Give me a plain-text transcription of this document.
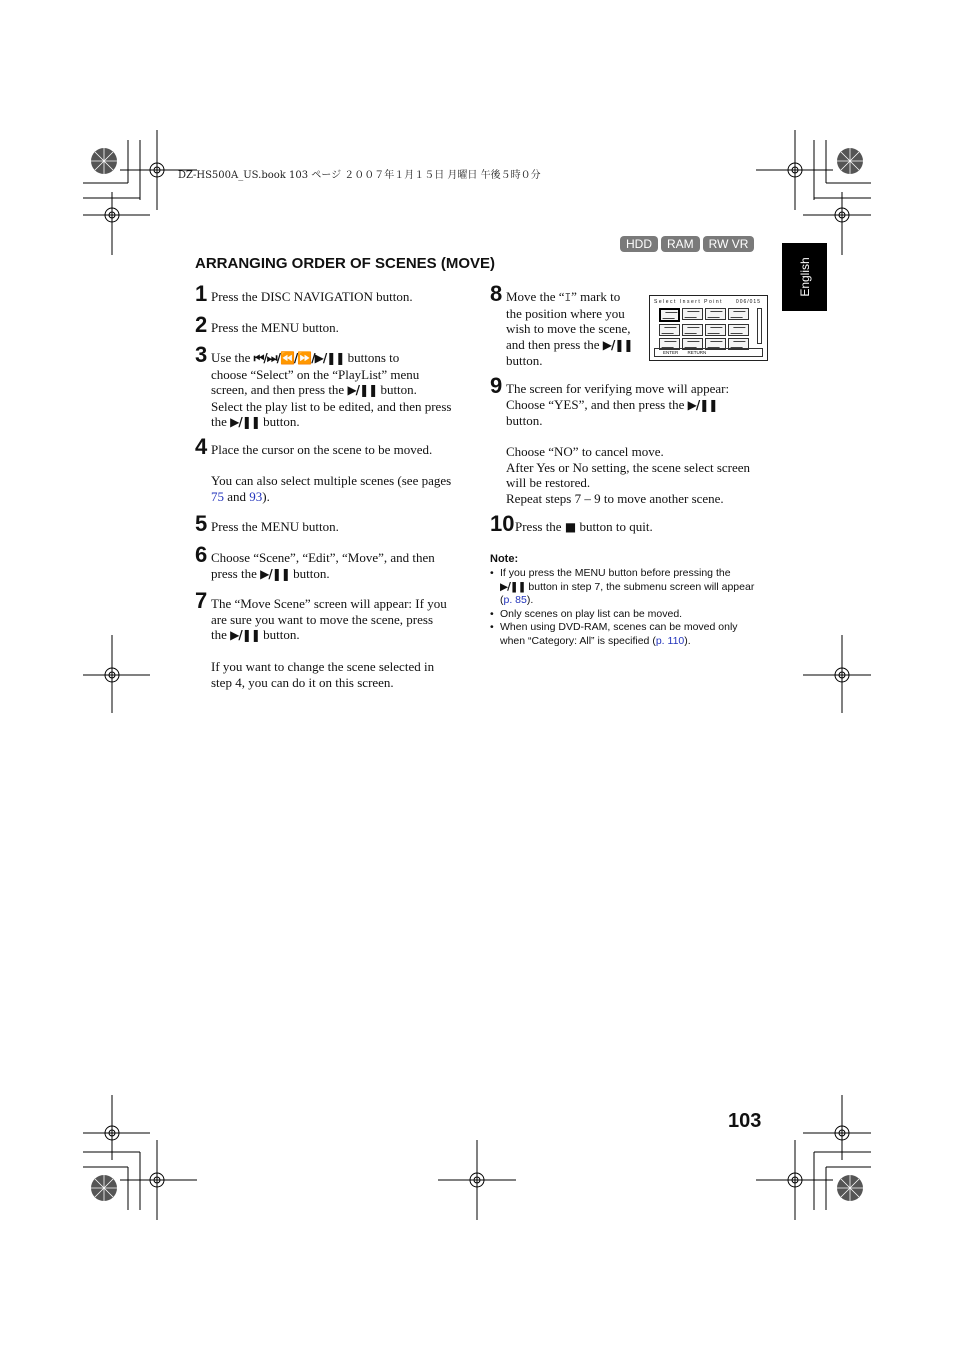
DZ-HS500A_US.book 103 ページ ２００７年１月１５日 月曜日 午後５時０分
HDD	RAM	RW VR
English
ARRANGING ORDER OF SCENES (MOVE)
1 Press the DISC NAVIGATION button.

2 Press the MENU button.

3 Use the ⏮/⏭/⏪/⏩/▶/❚❚ buttons to

choose “Select” on the “PlayList” menu

screen, and then press the ▶/❚❚ button.

Select the play list to be edited, and then press

the ▶/❚❚ button.

4 Place the cursor on the scene to be moved.

You can also select multiple scenes (see pages

75 and 93).

5 Press the MENU button.

6 Choose “Scene”, “Edit”, “Move”, and then

press the ▶/❚❚ button.

7 The “Move Scene” screen will appear: If you

are sure you want to move the scene, press

the ▶/❚❚ button.

If you want to change the scene selected in

step 4, you can do it on this screen.

8 Move the “I” mark to

the position where you

wish to move the scene,

and then press the ▶/❚❚

button.

Select Insert Point	006/015
ENTER RETURN
9 The screen for verifying move will appear:

Choose “YES”, and then press the ▶/❚❚

button.

Choose “NO” to cancel move.

After Yes or No setting, the scene select screen

will be restored.

Repeat steps 7 – 9 to move another scene.

10 Press the ■ button to quit.

Note:
• If you press the MENU button before pressing the
▶/❚❚ button in step 7, the submenu screen will appear
(p. 85).
• Only scenes on play list can be moved.
• When using DVD-RAM, scenes can be moved only
when “Category: All” is specified (p. 110).
103
